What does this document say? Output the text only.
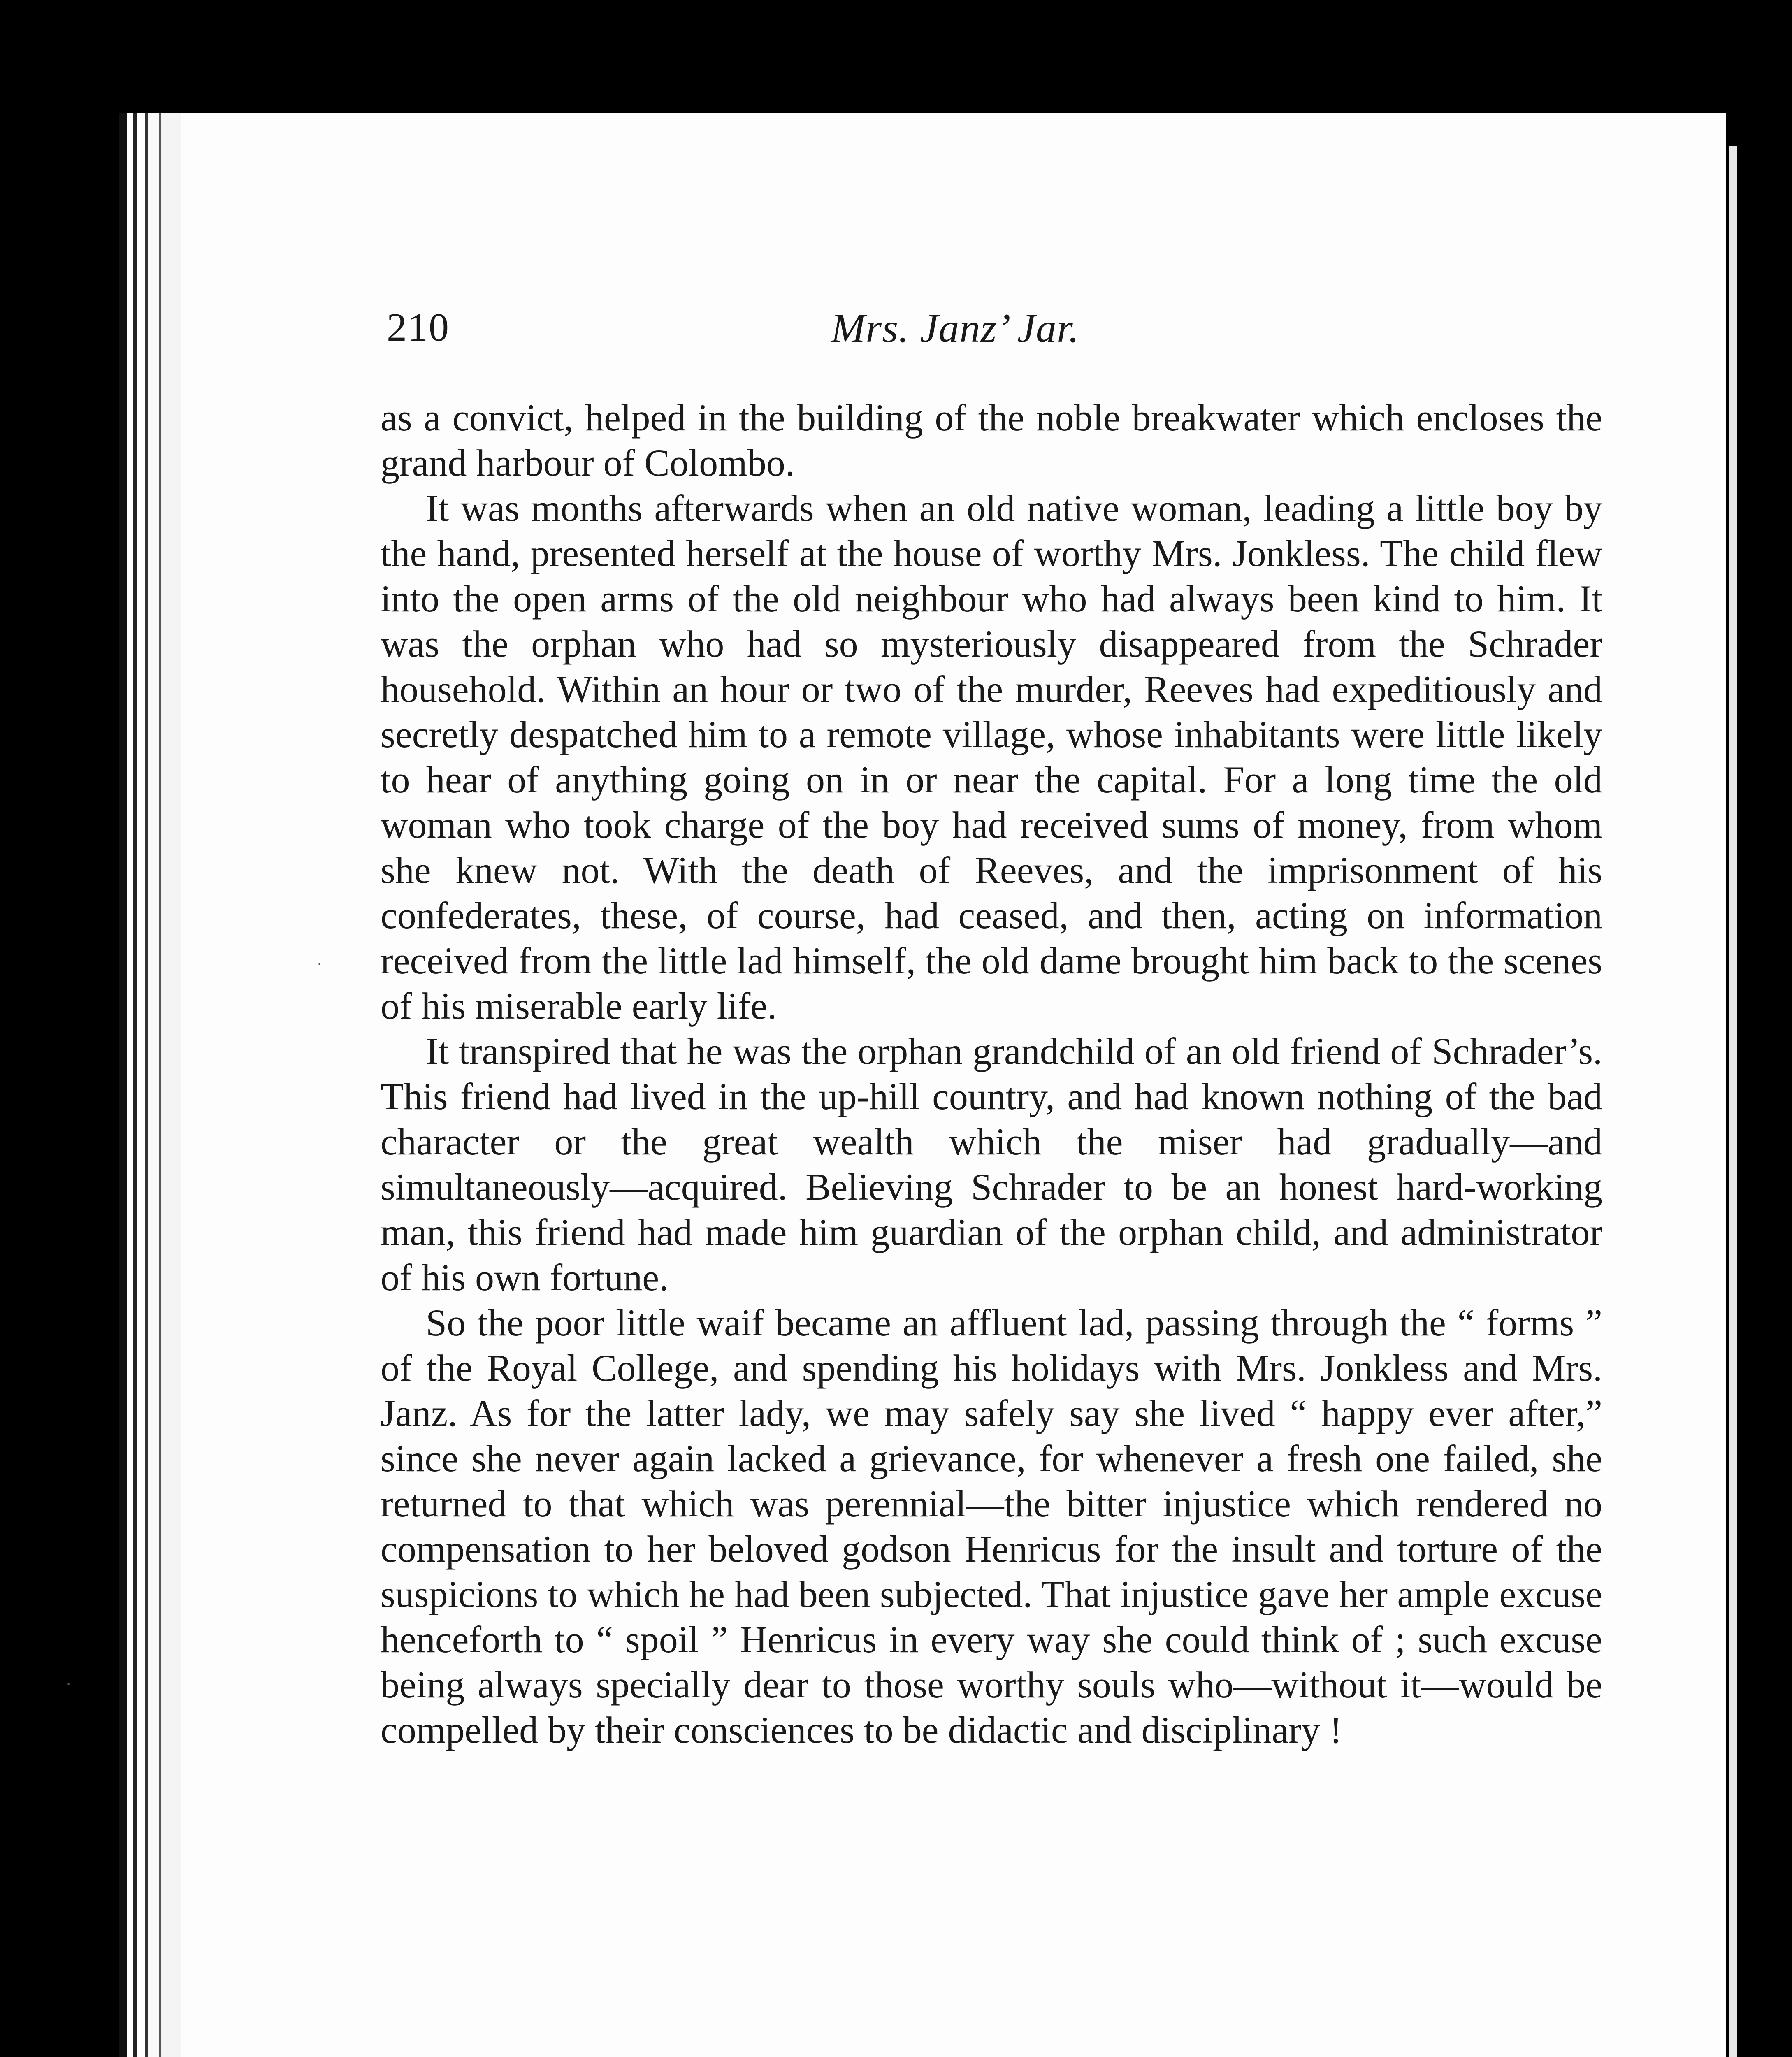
210	Mrs. Janz’ Jar.

as a convict, helped in the building of the noble breakwater which encloses the grand harbour of Colombo.

It was months afterwards when an old native woman, leading a little boy by the hand, presented herself at the house of worthy Mrs. Jonkless. The child flew into the open arms of the old neighbour who had always been kind to him. It was the orphan who had so mysteriously disappeared from the Schrader household. Within an hour or two of the murder, Reeves had expeditiously and secretly despatched him to a remote village, whose inhabitants were little likely to hear of anything going on in or near the capital. For a long time the old woman who took charge of the boy had received sums of money, from whom she knew not. With the death of Reeves, and the imprisonment of his confederates, these, of course, had ceased, and then, acting on information received from the little lad himself, the old dame brought him back to the scenes of his miserable early life.

It transpired that he was the orphan grandchild of an old friend of Schrader’s. This friend had lived in the up-hill country, and had known nothing of the bad character or the great wealth which the miser had gradually—and simultaneously—acquired. Believing Schrader to be an honest hard-working man, this friend had made him guardian of the orphan child, and administrator of his own fortune.

So the poor little waif became an affluent lad, passing through the “ forms ” of the Royal College, and spending his holidays with Mrs. Jonkless and Mrs. Janz. As for the latter lady, we may safely say she lived “ happy ever after,” since she never again lacked a grievance, for whenever a fresh one failed, she returned to that which was perennial—the bitter injustice which rendered no compensation to her beloved godson Henricus for the insult and torture of the suspicions to which he had been subjected. That injustice gave her ample excuse henceforth to “ spoil ” Henricus in every way she could think of ; such excuse being always specially dear to those worthy souls who—without it—would be compelled by their consciences to be didactic and disciplinary !

·
·
